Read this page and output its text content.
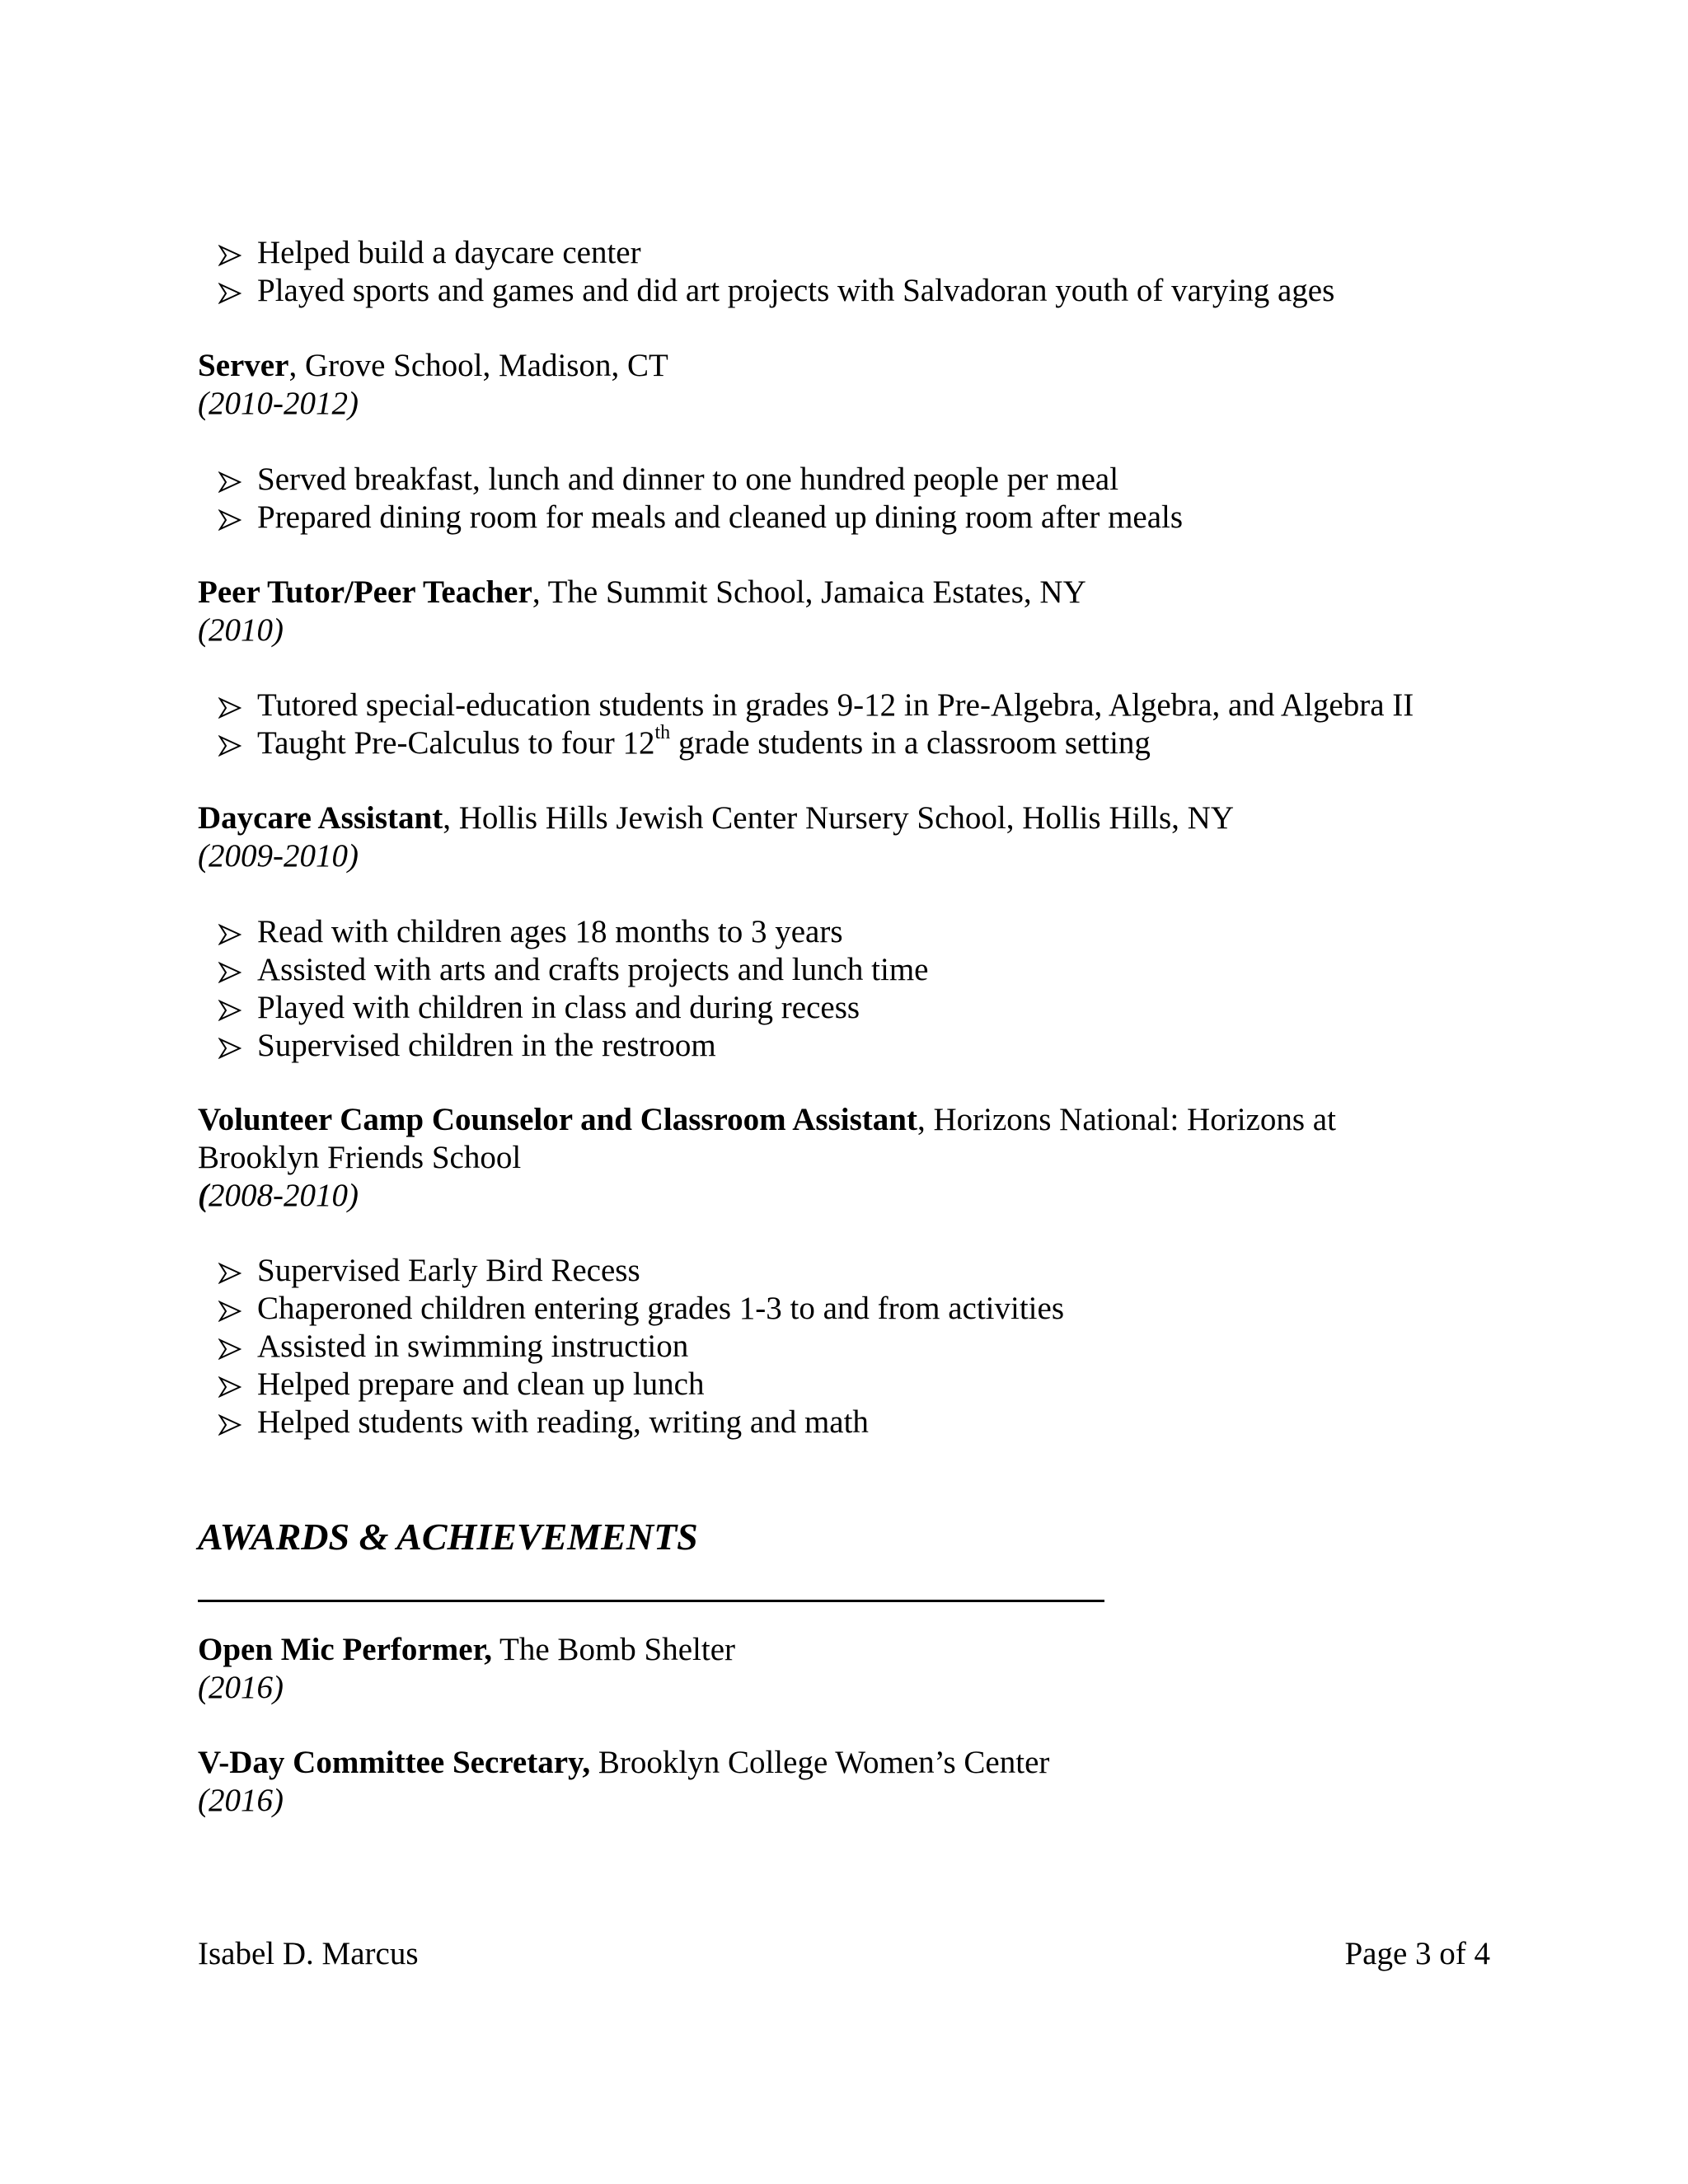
Helped build a daycare center
Played sports and games and did art projects with Salvadoran youth of varying ages
Server, Grove School, Madison, CT
(2010-2012)
Served breakfast, lunch and dinner to one hundred people per meal
Prepared dining room for meals and cleaned up dining room after meals
Peer Tutor/Peer Teacher, The Summit School, Jamaica Estates, NY
(2010)
Tutored special-education students in grades 9-12 in Pre-Algebra, Algebra, and Algebra II
Taught Pre-Calculus to four 12th grade students in a classroom setting
Daycare Assistant, Hollis Hills Jewish Center Nursery School, Hollis Hills, NY
(2009-2010)
Read with children ages 18 months to 3 years
Assisted with arts and crafts projects and lunch time
Played with children in class and during recess
Supervised children in the restroom
Volunteer Camp Counselor and Classroom Assistant, Horizons National: Horizons at
Brooklyn Friends School
(2008-2010)
Supervised Early Bird Recess
Chaperoned children entering grades 1-3 to and from activities
Assisted in swimming instruction
Helped prepare and clean up lunch
Helped students with reading, writing and math
AWARDS & ACHIEVEMENTS
Open Mic Performer, The Bomb Shelter
(2016)
V-Day Committee Secretary, Brooklyn College Women’s Center
(2016)
Isabel D. Marcus	Page 3 of 4
